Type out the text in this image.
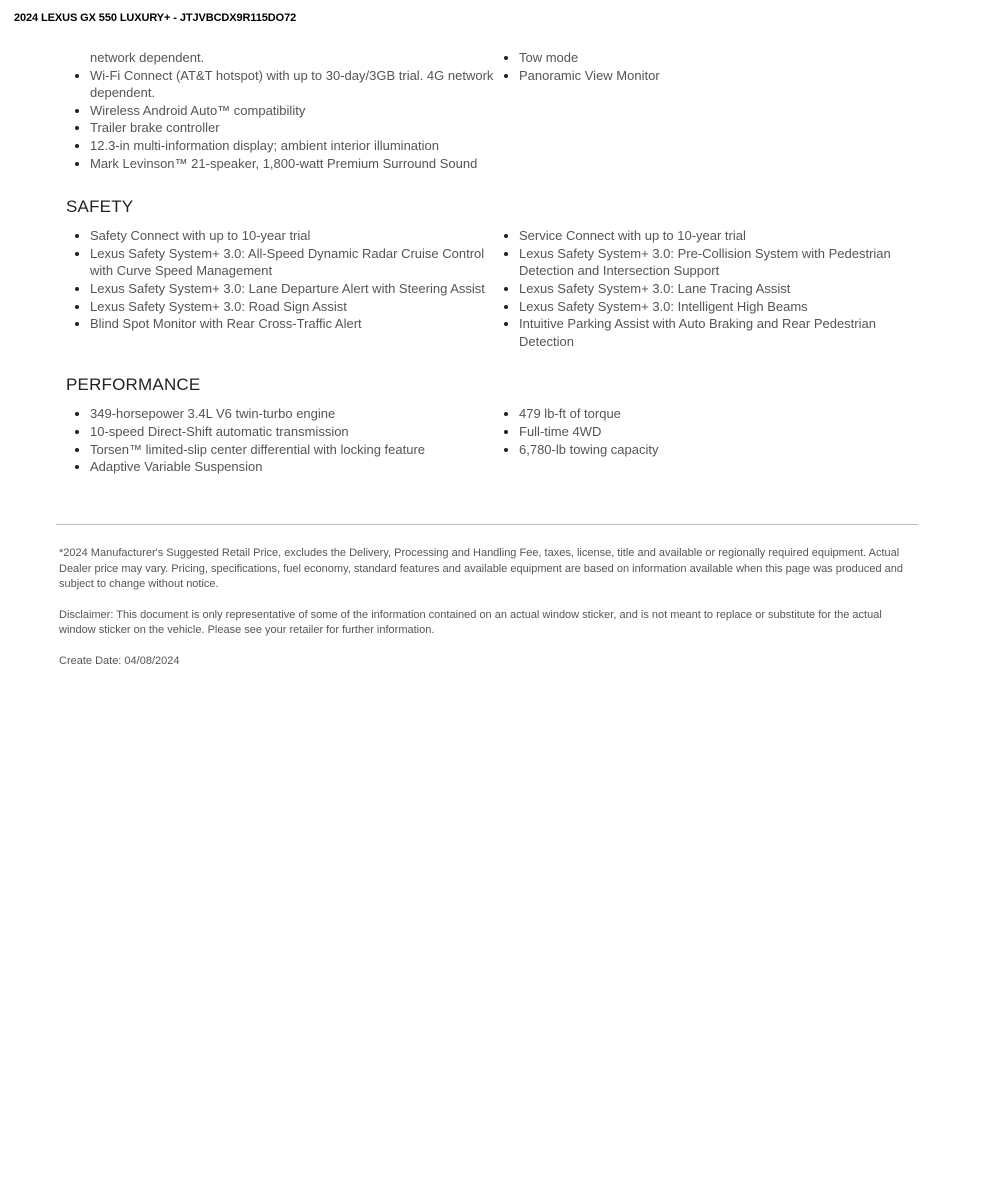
2024 LEXUS GX 550 LUXURY+ - JTJVBCDX9R115DO72
network dependent.
Wi-Fi Connect (AT&T hotspot) with up to 30-day/3GB trial. 4G network dependent.
Wireless Android Auto™ compatibility
Trailer brake controller
12.3-in multi-information display; ambient interior illumination
Mark Levinson™ 21-speaker, 1,800-watt Premium Surround Sound
Tow mode
Panoramic View Monitor
SAFETY
Safety Connect with up to 10-year trial
Lexus Safety System+ 3.0: All-Speed Dynamic Radar Cruise Control with Curve Speed Management
Lexus Safety System+ 3.0: Lane Departure Alert with Steering Assist
Lexus Safety System+ 3.0: Road Sign Assist
Blind Spot Monitor with Rear Cross-Traffic Alert
Service Connect with up to 10-year trial
Lexus Safety System+ 3.0: Pre-Collision System with Pedestrian Detection and Intersection Support
Lexus Safety System+ 3.0: Lane Tracing Assist
Lexus Safety System+ 3.0: Intelligent High Beams
Intuitive Parking Assist with Auto Braking and Rear Pedestrian Detection
PERFORMANCE
349-horsepower 3.4L V6 twin-turbo engine
10-speed Direct-Shift automatic transmission
Torsen™ limited-slip center differential with locking feature
Adaptive Variable Suspension
479 lb-ft of torque
Full-time 4WD
6,780-lb towing capacity

*2024 Manufacturer's Suggested Retail Price, excludes the Delivery, Processing and Handling Fee, taxes, license, title and available or regionally required equipment. Actual Dealer price may vary. Pricing, specifications, fuel economy, standard features and available equipment are based on information available when this page was produced and subject to change without notice.

Disclaimer: This document is only representative of some of the information contained on an actual window sticker, and is not meant to replace or substitute for the actual window sticker on the vehicle. Please see your retailer for further information.

Create Date: 04/08/2024
